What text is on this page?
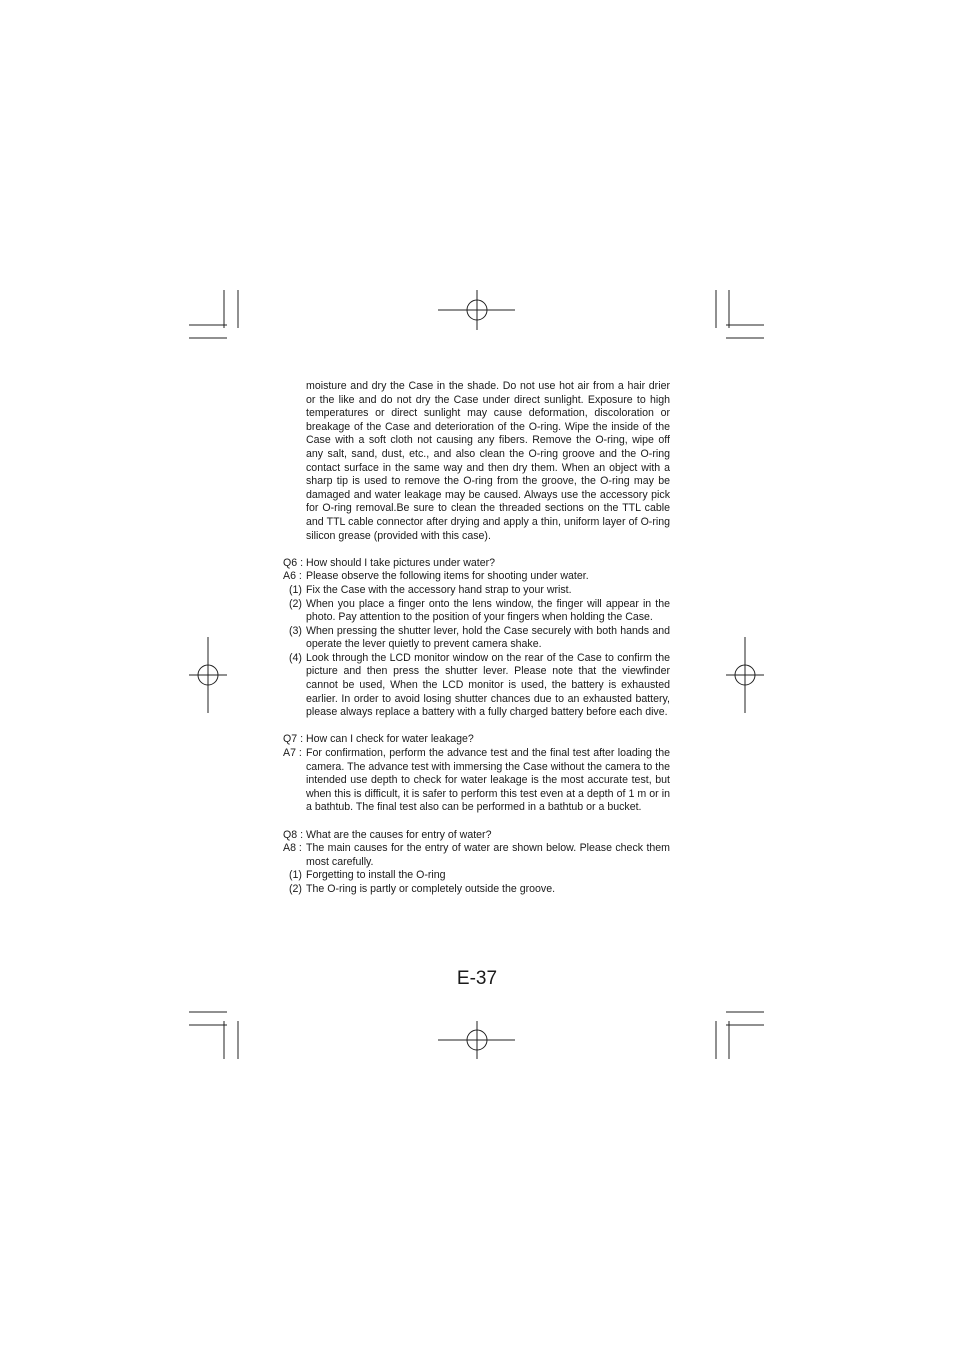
moisture and dry the Case in the shade. Do not use hot air from a hair drier or the like and do not dry the Case under direct sunlight. Exposure to high temperatures or direct sunlight may cause deformation, discoloration or breakage of the Case and deterioration of the O-ring. Wipe the inside of the Case with a soft cloth not causing any fibers. Remove the O-ring, wipe off any salt, sand, dust, etc., and also clean the O-ring groove and the O-ring contact surface in the same way and then dry them. When an object with a sharp tip is used to remove the O-ring from the groove, the O-ring may be damaged and water leakage may be caused. Always use the accessory pick for O-ring removal.Be sure to clean the threaded sections on the TTL cable and TTL cable connector after drying and apply a thin, uniform layer of O-ring silicon grease (provided with this case).
Q6 : How should I take pictures under water?
A6 : Please observe the following items for shooting under water.
(1) Fix the Case with the accessory hand strap to your wrist.
(2) When you place a finger onto the lens window, the finger will appear in the photo. Pay attention to the position of your fingers when holding the Case.
(3) When pressing the shutter lever, hold the Case securely with both hands and operate the lever quietly to prevent camera shake.
(4) Look through the LCD monitor window on the rear of the Case to confirm the picture and then press the shutter lever. Please note that the viewfinder cannot be used, When the LCD monitor is used, the battery is exhausted earlier. In order to avoid losing shutter chances due to an exhausted battery, please always replace a battery with a fully charged battery before each dive.
Q7 : How can I check for water leakage?
A7 : For confirmation, perform the advance test and the final test after loading the camera. The advance test with immersing the Case without the camera to the intended use depth to check for water leakage is the most accurate test, but when this is difficult, it is safer to perform this test even at a depth of 1 m or in a bathtub. The final test also can be performed in a bathtub or a bucket.
Q8 : What are the causes for entry of water?
A8 : The main causes for the entry of water are shown below. Please check them most carefully.
(1) Forgetting to install the O-ring
(2) The O-ring is partly or completely outside the groove.
E-37
